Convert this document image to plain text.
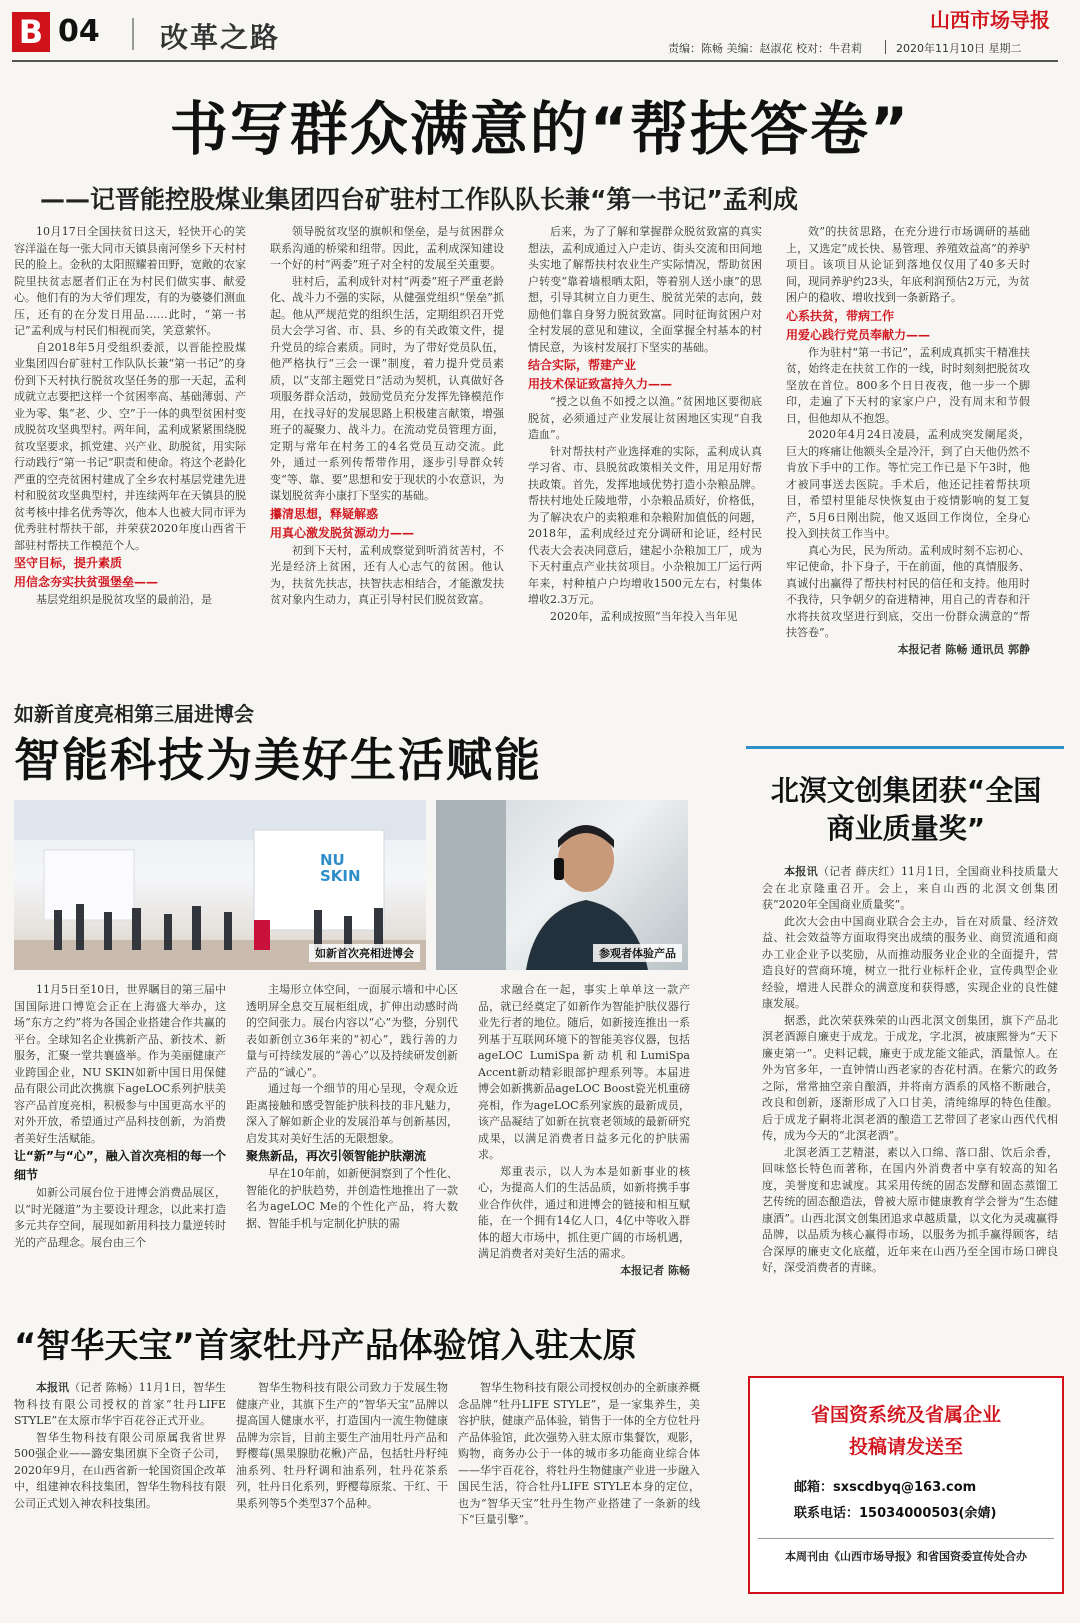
B 04 改革之路
山西市场导报
责编：陈畅 美编：赵淑花 校对：牛君莉	2020年11月10日 星期二
书写群众满意的“帮扶答卷”
——记晋能控股煤业集团四台矿驻村工作队队长兼“第一书记”孟利成

10月17日全国扶贫日这天，轻快开心的笑容洋溢在每一张大同市天镇县南河堡乡下天村村民的脸上。金秋的太阳照耀着田野，宽敞的农家院里扶贫志愿者们正在为村民们做实事、献爱心。他们有的为大爷们理发，有的为婆婆们测血压，还有的在分发日用品……此时，“第一书记”孟利成与村民们相视而笑，笑意萦怀。

自2018年5月受组织委派，以晋能控股煤业集团四台矿驻村工作队队长兼“第一书记”的身份到下天村执行脱贫攻坚任务的那一天起，孟利成就立志要把这样一个贫困率高、基础薄弱、产业为零、集“老、少、空”于一体的典型贫困村变成脱贫攻坚典型村。两年间，孟利成紧紧围绕脱贫攻坚要求，抓党建、兴产业、助脱贫，用实际行动践行“第一书记”职责和使命。将这个老龄化严重的空壳贫困村建成了全乡农村基层党建先进村和脱贫攻坚典型村，并连续两年在天镇县的脱贫考核中排名优秀等次，他本人也被大同市评为优秀驻村帮扶干部，并荣获2020年度山西省干部驻村帮扶工作模范个人。

坚守目标，提升素质
用信念夯实扶贫强堡垒——

基层党组织是脱贫攻坚的最前沿，是

领导脱贫攻坚的旗帜和堡垒，是与贫困群众联系沟通的桥梁和纽带。因此，孟利成深知建设一个好的村“两委”班子对全村的发展至关重要。

驻村后，孟利成针对村“两委”班子严重老龄化、战斗力不强的实际，从健强党组织“堡垒”抓起。他从严规范党的组织生活，定期组织召开党员大会学习省、市、县、乡的有关政策文件，提升党员的综合素质。同时，为了带好党员队伍，他严格执行“三会一课”制度，着力提升党员素质，以“支部主题党日”活动为契机，认真做好各项服务群众活动，鼓励党员充分发挥先锋模范作用，在找寻好的发展思路上积极建言献策，增强班子的凝聚力、战斗力。在流动党员管理方面，定期与常年在村务工的4名党员互动交流。此外，通过一系列传帮带作用，逐步引导群众转变“等、靠、要”思想和安于现状的小农意识，为谋划脱贫奔小康打下坚实的基础。

攥清思想，释疑解惑
用真心激发脱贫源动力——

初到下天村，孟利成察觉到听消贫苦村，不光是经济上贫困，还有人心志气的贫困。他认为，扶贫先扶志，扶智扶志相结合，才能激发扶贫对象内生动力，真正引导村民们脱贫致富。

后来，为了了解和掌握群众脱贫致富的真实想法，孟利成通过入户走访、街头交流和田间地头实地了解帮扶村农业生产实际情况，帮助贫困户转变“靠着墙根晒太阳，等着别人送小康”的思想，引导其树立自力更生、脱贫光荣的志向，鼓励他们靠自身努力脱贫致富。同时征询贫困户对全村发展的意见和建议，全面掌握全村基本的村情民意，为该村发展打下坚实的基础。

结合实际，帮建产业
用技术保证致富持久力——

“授之以鱼不如授之以渔。”贫困地区要彻底脱贫，必须通过产业发展让贫困地区实现“自我造血”。

针对帮扶村产业选择难的实际，孟利成认真学习省、市、县脱贫政策相关文件，用足用好帮扶政策。首先，发挥地域优势打造小杂粮品牌。帮扶村地处丘陵地带，小杂粮品质好，价格低，为了解决农户的卖粮难和杂粮附加值低的问题，2018年，孟利成经过充分调研和论证，经村民代表大会表决同意后，建起小杂粮加工厂，成为下天村重点产业扶贫项目。小杂粮加工厂运行两年来，村种植户户均增收1500元左右，村集体增收2.3万元。

2020年，孟利成按照“当年投入当年见

效”的扶贫思路，在充分进行市场调研的基础上，又选定“成长快、易管理、养殖效益高”的养驴项目。该项目从论证到落地仅仅用了40多天时间，现同养驴约23头，年底利润预估2万元，为贫困户的稳收、增收找到一条新路子。

心系扶贫，带病工作
用爱心践行党员奉献力——

作为驻村“第一书记”，孟利成真抓实干精准扶贫，始终走在扶贫工作的一线，时时刻刻把脱贫攻坚放在首位。800多个日日夜夜，他一步一个脚印，走遍了下天村的家家户户，没有周末和节假日，但他却从不抱怨。

2020年4月24日凌晨，孟利成突发阑尾炎，巨大的疼痛让他额头全是冷汗，到了白天他仍然不肯放下手中的工作。等忙完工作已是下午3时，他才被同事送去医院。手术后，他还记挂着帮扶项目，希望村里能尽快恢复由于疫情影响的复工复产，5月6日刚出院，他又返回工作岗位，全身心投入到扶贫工作当中。

真心为民，民为所动。孟利成时刻不忘初心、牢记使命，扑下身子，干在前面，他的真情服务、真诚付出赢得了帮扶村村民的信任和支持。他用时不我待，只争朝夕的奋进精神，用自己的青春和汗水将扶贫攻坚进行到底，交出一份群众满意的“帮扶答卷”。

本报记者 陈畅 通讯员 郭静

如新首度亮相第三届进博会
智能科技为美好生活赋能
NU SKIN
如新首次亮相进博会	参观者体验产品

11月5日至10日，世界瞩目的第三届中国国际进口博览会正在上海盛大举办，这场“东方之约”将为各国企业搭建合作共赢的平台。全球知名企业携新产品、新技术、新服务，汇聚一堂共襄盛举。作为美丽健康产业跨国企业，NU SKIN如新中国日用保健品有限公司此次携旗下ageLOC系列护肤美容产品首度亮相，积极参与中国更高水平的对外开放，希望通过产品科技创新，为消费者美好生活赋能。

让“新”与“心”，融入首次亮相的每一个细节

如新公司展台位于进博会消费品展区，以“时光隧道”为主要设计理念，以此来打造多元共存空间，展现如新用科技力量逆转时光的产品理念。展台由三个

主場形立体空间，一面展示墙和中心区透明屏全息交互展柜组成，扩伸出动感时尚的空间张力。展台内容以“心”为整，分别代表如新创立36年来的“初心”，践行善的力量与可持续发展的“善心”以及持续研发创新产品的“诚心”。

通过每一个细节的用心呈现，令观众近距离接触和感受智能护肤科技的非凡魅力，深入了解如新企业的发展沿革与创新基因，启发其对美好生活的无限想象。

聚焦新品，再次引领智能护肤潮流

早在10年前，如新便洞察到了个性化、智能化的护肤趋势，并创造性地推出了一款名为ageLOC Me的个性化产品，将大数据、智能手机与定制化护肤的需

求融合在一起，事实上单单这一款产品，就已经奠定了如新作为智能护肤仪器行业先行者的地位。随后，如新接连推出一系列基于互联网环境下的智能美容仪器，包括ageLOC LumiSpa新动机和LumiSpa Accent新动精彩眼部护理系列等。本届进博会如新携新品ageLOC Boost瓷光机重磅亮相，作为ageLOC系列家族的最新成员，该产品凝结了如新在抗衰老领域的最新研究成果，以满足消费者日益多元化的护肤需求。

郑重表示，以人为本是如新事业的核心，为提高人们的生活品质，如新将携手事业合作伙伴，通过和进博会的链接和相互赋能，在一个拥有14亿人口，4亿中等收入群体的超大市场中，抓住更广阔的市场机遇，满足消费者对美好生活的需求。

本报记者 陈畅

北溟文创集团获“全国商业质量奖”

本报讯（记者 薛庆红）11月1日，全国商业科技质量大会在北京隆重召开。会上，来自山西的北溟文创集团获“2020年全国商业质量奖”。

此次大会由中国商业联合会主办，旨在对质量、经济效益、社会效益等方面取得突出成绩的服务业、商贸流通和商办工业企业予以奖励，从而推动服务业企业的全面提升，营造良好的营商环境，树立一批行业标杆企业，宣传典型企业经验，增进人民群众的满意度和获得感，实现企业的良性健康发展。

据悉，此次荣获殊荣的山西北溟文创集团，旗下产品北溟老酒源自廉吏于成龙。于成龙，字北溟，被康熙誉为“天下廉吏第一”。史料记载，廉吏于成龙能文能武，酒量惊人。在外为官多年，一直钟情山西老家的杏花村酒。在紫穴的政务之际，常常抽空亲自酿酒，并将南方酒系的风格不断融合，改良和创新，逐渐形成了入口甘美，清纯绵厚的特色佳酿。后于成龙子嗣将北溟老酒的酿造工艺带回了老家山西代代相传，成为今天的“北溟老酒”。

北溟老酒工艺精湛，素以入口绵、落口甜、饮后余香，回味悠长特色而著称，在国内外消费者中享有较高的知名度，美誉度和忠诚度。其采用传统的固态发酵和固态蒸馏工艺传统的固态酿造法，曾被大原市健康教育学会誉为“生态健康酒”。山西北溟文创集团追求卓越质量，以文化为灵魂赢得品牌，以品质为核心赢得市场，以服务为抓手赢得顾客，结合深厚的廉吏文化底蕴，近年来在山西乃至全国市场口碑良好，深受消费者的青睐。

“智华天宝”首家牡丹产品体验馆入驻太原

本报讯（记者 陈畅）11月1日，智华生物科技有限公司授权的首家“牡丹LIFE STYLE”在太原市华宇百花谷正式开业。

智华生物科技有限公司原属我省世界500强企业——潞安集团旗下全资子公司，2020年9月，在山西省新一轮国资国企改革中，组建神农科技集团，智华生物科技有限公司正式划入神农科技集团。

智华生物科技有限公司致力于发展生物健康产业，其旗下生产的“智华天宝”品牌以提高国人健康水平，打造国内一流生物健康品牌为宗旨，目前主要生产油用牡丹产品和野樱莓(黑果腺肋花楸)产品，包括牡丹籽纯油系列、牡丹籽调和油系列，牡丹花茶系列，牡丹日化系列，野樱莓原浆、干红、干果系列等5个类型37个品种。

智华生物科技有限公司授权创办的全新康养概念品牌“牡丹LIFE STYLE”，是一家集养生，美容护肤，健康产品体验，销售于一体的全方位牡丹产品体验馆，此次强势入驻太原市集餐饮，观影，购物，商务办公于一体的城市多功能商业综合体——华宇百花谷，将牡丹生物健康产业进一步融入国民生活，符合牡丹LIFE STYLE本身的定位，也为“智华天宝”牡丹生物产业搭建了一条新的线下“巨量引擎”。

省国资系统及省属企业
投稿请发送至
邮箱：sxscdbyq@163.com
联系电话：15034000503(余婧)
本周刊由《山西市场导报》和省国资委宣传处合办
